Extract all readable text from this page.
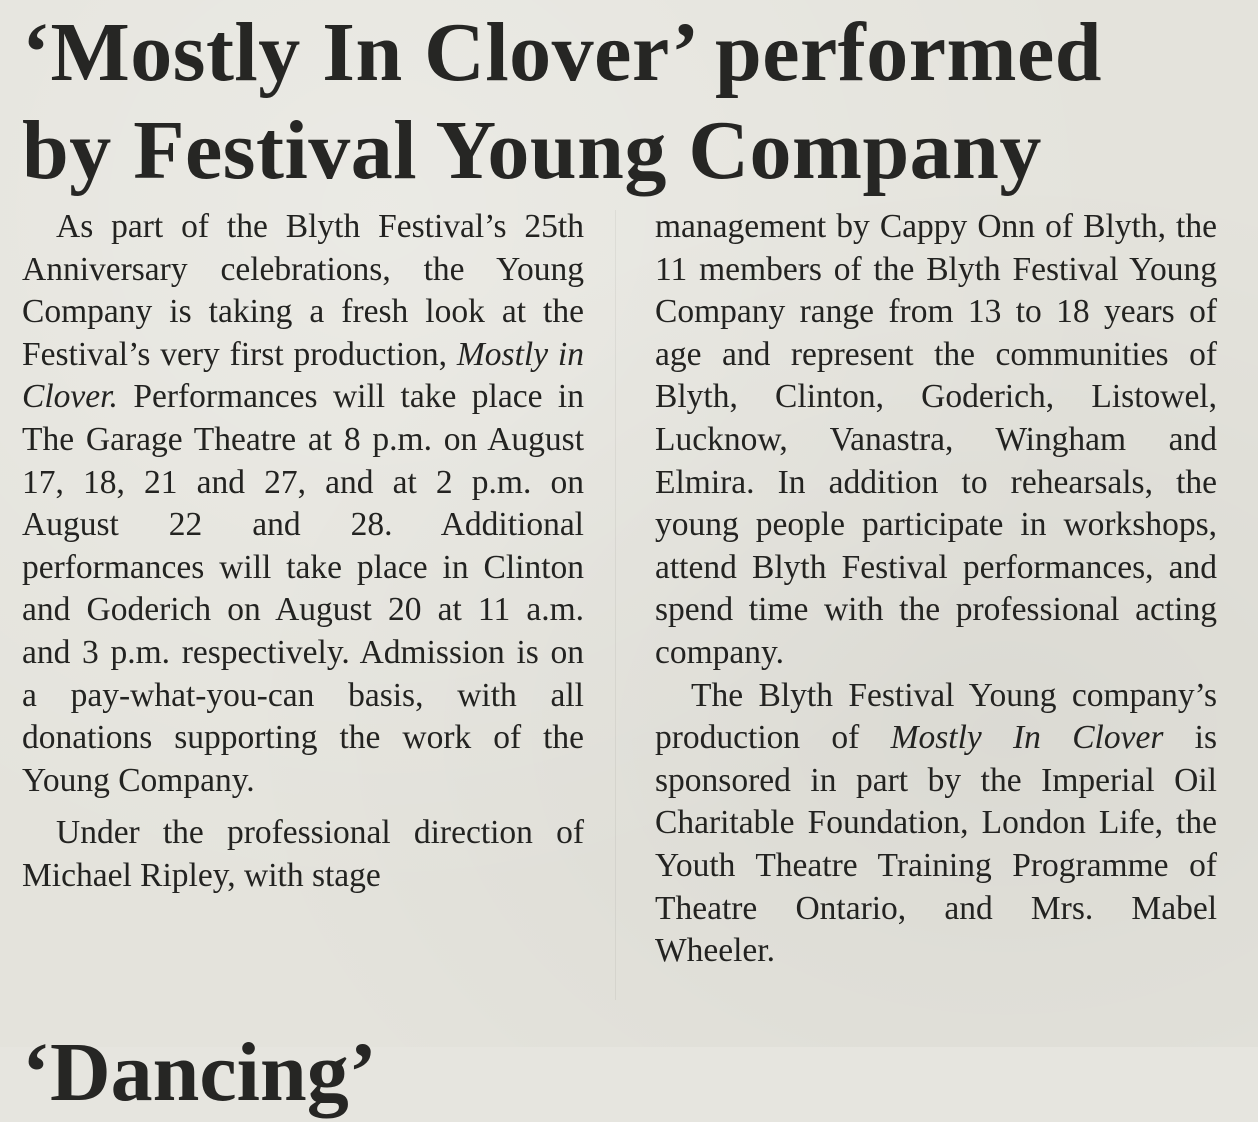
‘Mostly In Clover’ performed
by Festival Young Company

As part of the Blyth Festival’s 25th Anniversary celebrations, the Young Company is taking a fresh look at the Festival’s very first production, Mostly in Clover. Performances will take place in The Garage Theatre at 8 p.m. on August 17, 18, 21 and 27, and at 2 p.m. on August 22 and 28. Additional performances will take place in Clinton and Goderich on August 20 at 11 a.m. and 3 p.m. respectively. Admission is on a pay-what-you-can basis, with all donations supporting the work of the Young Company.

Under the professional direction of Michael Ripley, with stage

management by Cappy Onn of Blyth, the 11 members of the Blyth Festival Young Company range from 13 to 18 years of age and represent the communities of Blyth, Clinton, Goderich, Listowel, Lucknow, Vanastra, Wingham and Elmira. In addition to rehearsals, the young people participate in workshops, attend Blyth Festival performances, and spend time with the professional acting company.

The Blyth Festival Young company’s production of Mostly In Clover is sponsored in part by the Imperial Oil Charitable Foundation, London Life, the Youth Theatre Training Programme of Theatre Ontario, and Mrs. Mabel Wheeler.

‘Dancing’
